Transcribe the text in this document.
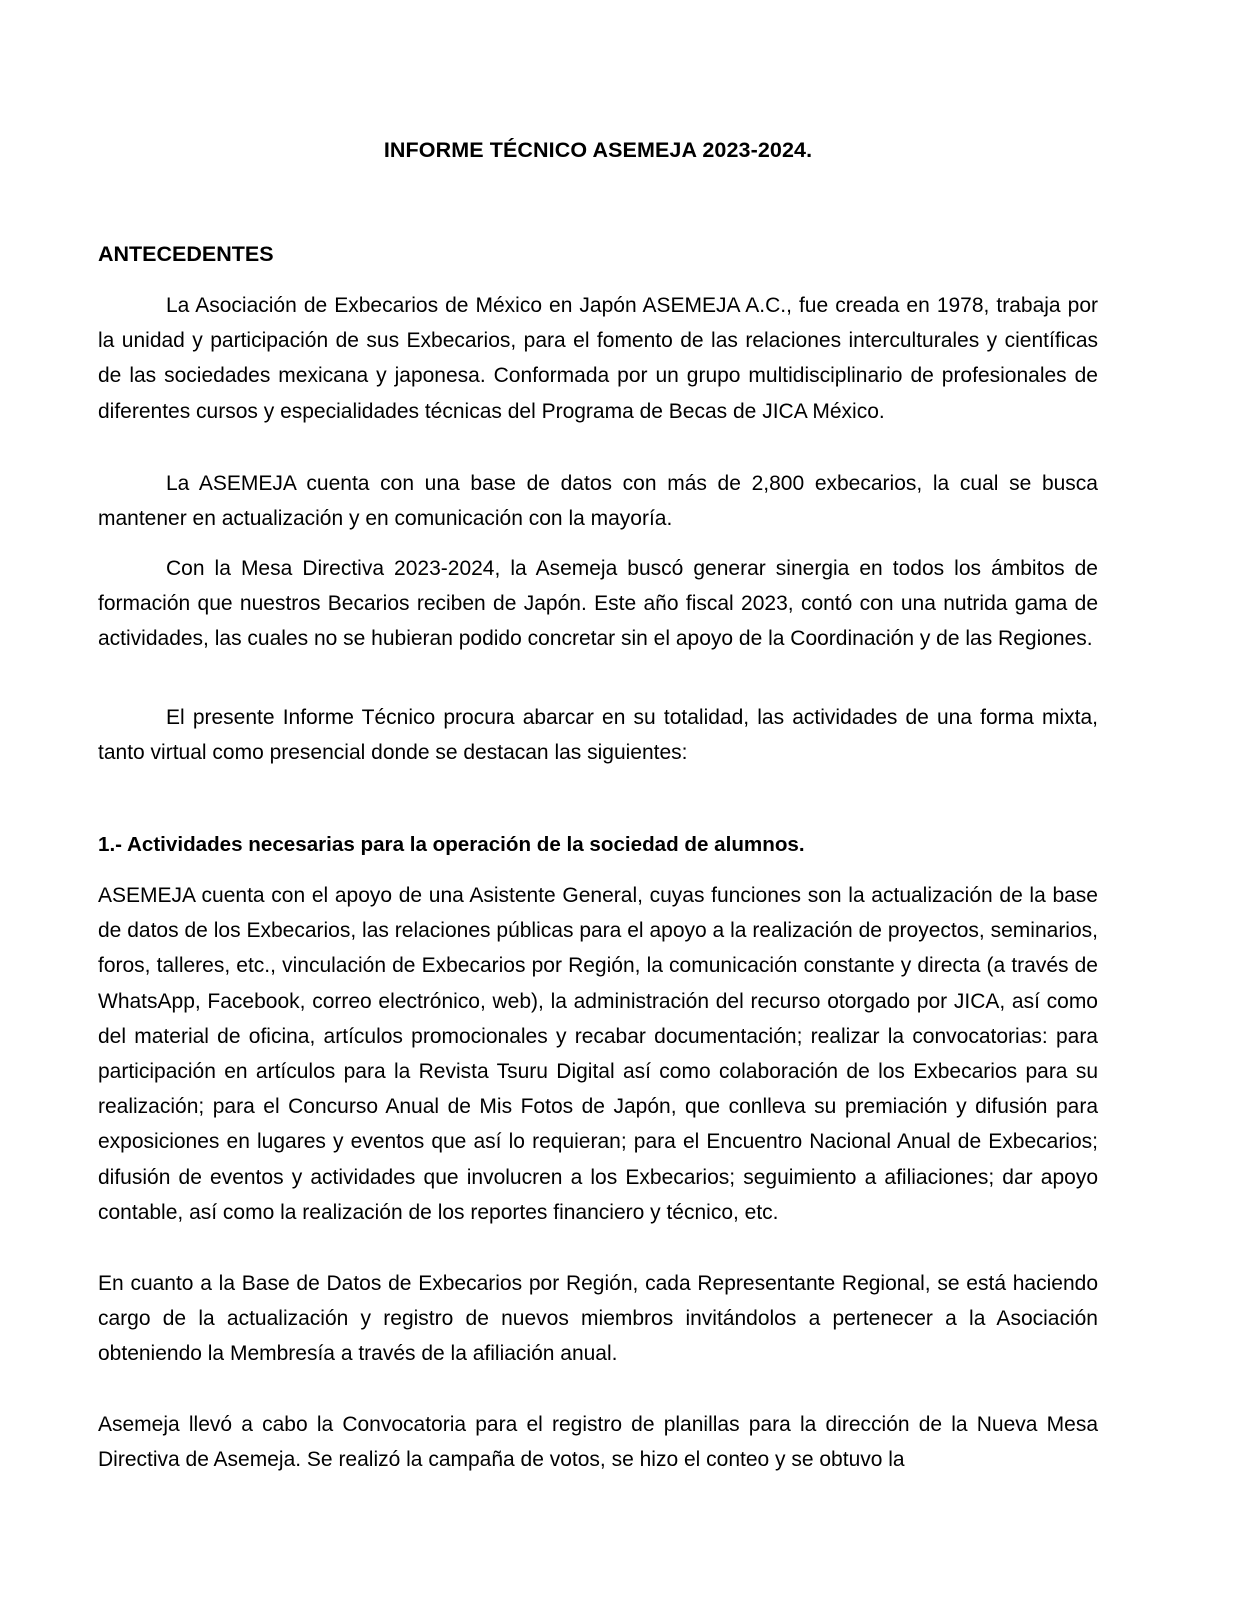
INFORME TÉCNICO ASEMEJA 2023-2024.
ANTECEDENTES

La Asociación de Exbecarios de México en Japón ASEMEJA A.C., fue creada en 1978, trabaja por la unidad y participación de sus Exbecarios, para el fomento de las relaciones interculturales y científicas de las sociedades mexicana y japonesa. Conformada por un grupo multidisciplinario de profesionales de diferentes cursos y especialidades técnicas del Programa de Becas de JICA México.

La ASEMEJA cuenta con una base de datos con más de 2,800 exbecarios, la cual se busca mantener en actualización y en comunicación con la mayoría.

Con la Mesa Directiva 2023-2024, la Asemeja buscó generar sinergia en todos los ámbitos de formación que nuestros Becarios reciben de Japón. Este año fiscal 2023, contó con una nutrida gama de actividades, las cuales no se hubieran podido concretar sin el apoyo de la Coordinación y de las Regiones.

El presente Informe Técnico procura abarcar en su totalidad, las actividades de una forma mixta, tanto virtual como presencial donde se destacan las siguientes:

1.- Actividades necesarias para la operación de la sociedad de alumnos.

ASEMEJA cuenta con el apoyo de una Asistente General, cuyas funciones son la actualización de la base de datos de los Exbecarios, las relaciones públicas para el apoyo a la realización de proyectos, seminarios, foros, talleres, etc., vinculación de Exbecarios por Región, la comunicación constante y directa (a través de WhatsApp, Facebook, correo electrónico, web), la administración del recurso otorgado por JICA, así como del material de oficina, artículos promocionales y recabar documentación; realizar la convocatorias: para participación en artículos para la Revista Tsuru Digital así como colaboración de los Exbecarios para su realización; para el Concurso Anual de Mis Fotos de Japón, que conlleva su premiación y difusión para exposiciones en lugares y eventos que así lo requieran; para el Encuentro Nacional Anual de Exbecarios; difusión de eventos y actividades que involucren a los Exbecarios; seguimiento a afiliaciones; dar apoyo contable, así como la realización de los reportes financiero y técnico, etc.

En cuanto a la Base de Datos de Exbecarios por Región, cada Representante Regional, se está haciendo cargo de la actualización y registro de nuevos miembros invitándolos a pertenecer a la Asociación obteniendo la Membresía a través de la afiliación anual.

Asemeja llevó a cabo la Convocatoria para el registro de planillas para la dirección de la Nueva Mesa Directiva de Asemeja. Se realizó la campaña de votos, se hizo el conteo y se obtuvo la
